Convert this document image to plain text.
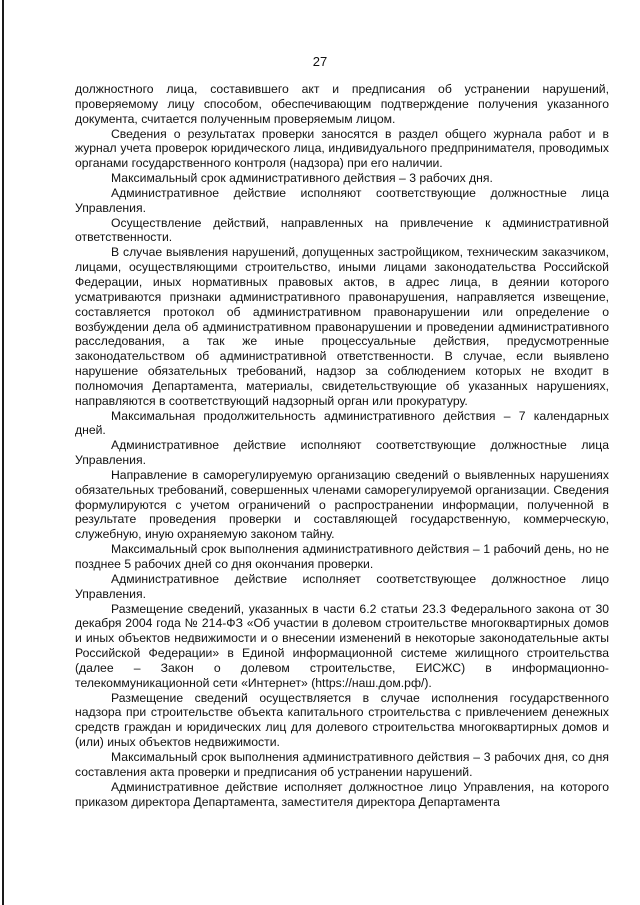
27

должностного лица, составившего акт и предписания об устранении нарушений, проверяемому лицу способом, обеспечивающим подтверждение получения указанного документа, считается полученным проверяемым лицом.

Сведения о результатах проверки заносятся в раздел общего журнала работ и в журнал учета проверок юридического лица, индивидуального предпринимателя, проводимых органами государственного контроля (надзора) при его наличии.

Максимальный срок административного действия – 3 рабочих дня.

Административное действие исполняют соответствующие должностные лица Управления.

Осуществление действий, направленных на привлечение к административной ответственности.

В случае выявления нарушений, допущенных застройщиком, техническим заказчиком, лицами, осуществляющими строительство, иными лицами законодательства Российской Федерации, иных нормативных правовых актов, в адрес лица, в деянии которого усматриваются признаки административного правонарушения, направляется извещение, составляется протокол об административном правонарушении или определение о возбуждении дела об административном правонарушении и проведении административного расследования, а так же иные процессуальные действия, предусмотренные законодательством об административной ответственности. В случае, если выявлено нарушение обязательных требований, надзор за соблюдением которых не входит в полномочия Департамента, материалы, свидетельствующие об указанных нарушениях, направляются в соответствующий надзорный орган или прокуратуру.

Максимальная продолжительность административного действия – 7 календарных дней.

Административное действие исполняют соответствующие должностные лица Управления.

Направление в саморегулируемую организацию сведений о выявленных нарушениях обязательных требований, совершенных членами саморегулируемой организации. Сведения формулируются с учетом ограничений о распространении информации, полученной в результате проведения проверки и составляющей государственную, коммерческую, служебную, иную охраняемую законом тайну.

Максимальный срок выполнения административного действия – 1 рабочий день, но не позднее 5 рабочих дней со дня окончания проверки.

Административное действие исполняет соответствующее должностное лицо Управления.

Размещение сведений, указанных в части 6.2 статьи 23.3 Федерального закона от 30 декабря 2004 года № 214-ФЗ «Об участии в долевом строительстве многоквартирных домов и иных объектов недвижимости и о внесении изменений в некоторые законодательные акты Российской Федерации» в Единой информационной системе жилищного строительства (далее – Закон о долевом строительстве, ЕИСЖС) в информационно-телекоммуникационной сети «Интернет» (https://наш.дом.рф/).

Размещение сведений осуществляется в случае исполнения государственного надзора при строительстве объекта капитального строительства с привлечением денежных средств граждан и юридических лиц для долевого строительства многоквартирных домов и (или) иных объектов недвижимости.

Максимальный срок выполнения административного действия – 3 рабочих дня, со дня составления акта проверки и предписания об устранении нарушений.

Административное действие исполняет должностное лицо Управления, на которого приказом директора Департамента, заместителя директора Департамента
